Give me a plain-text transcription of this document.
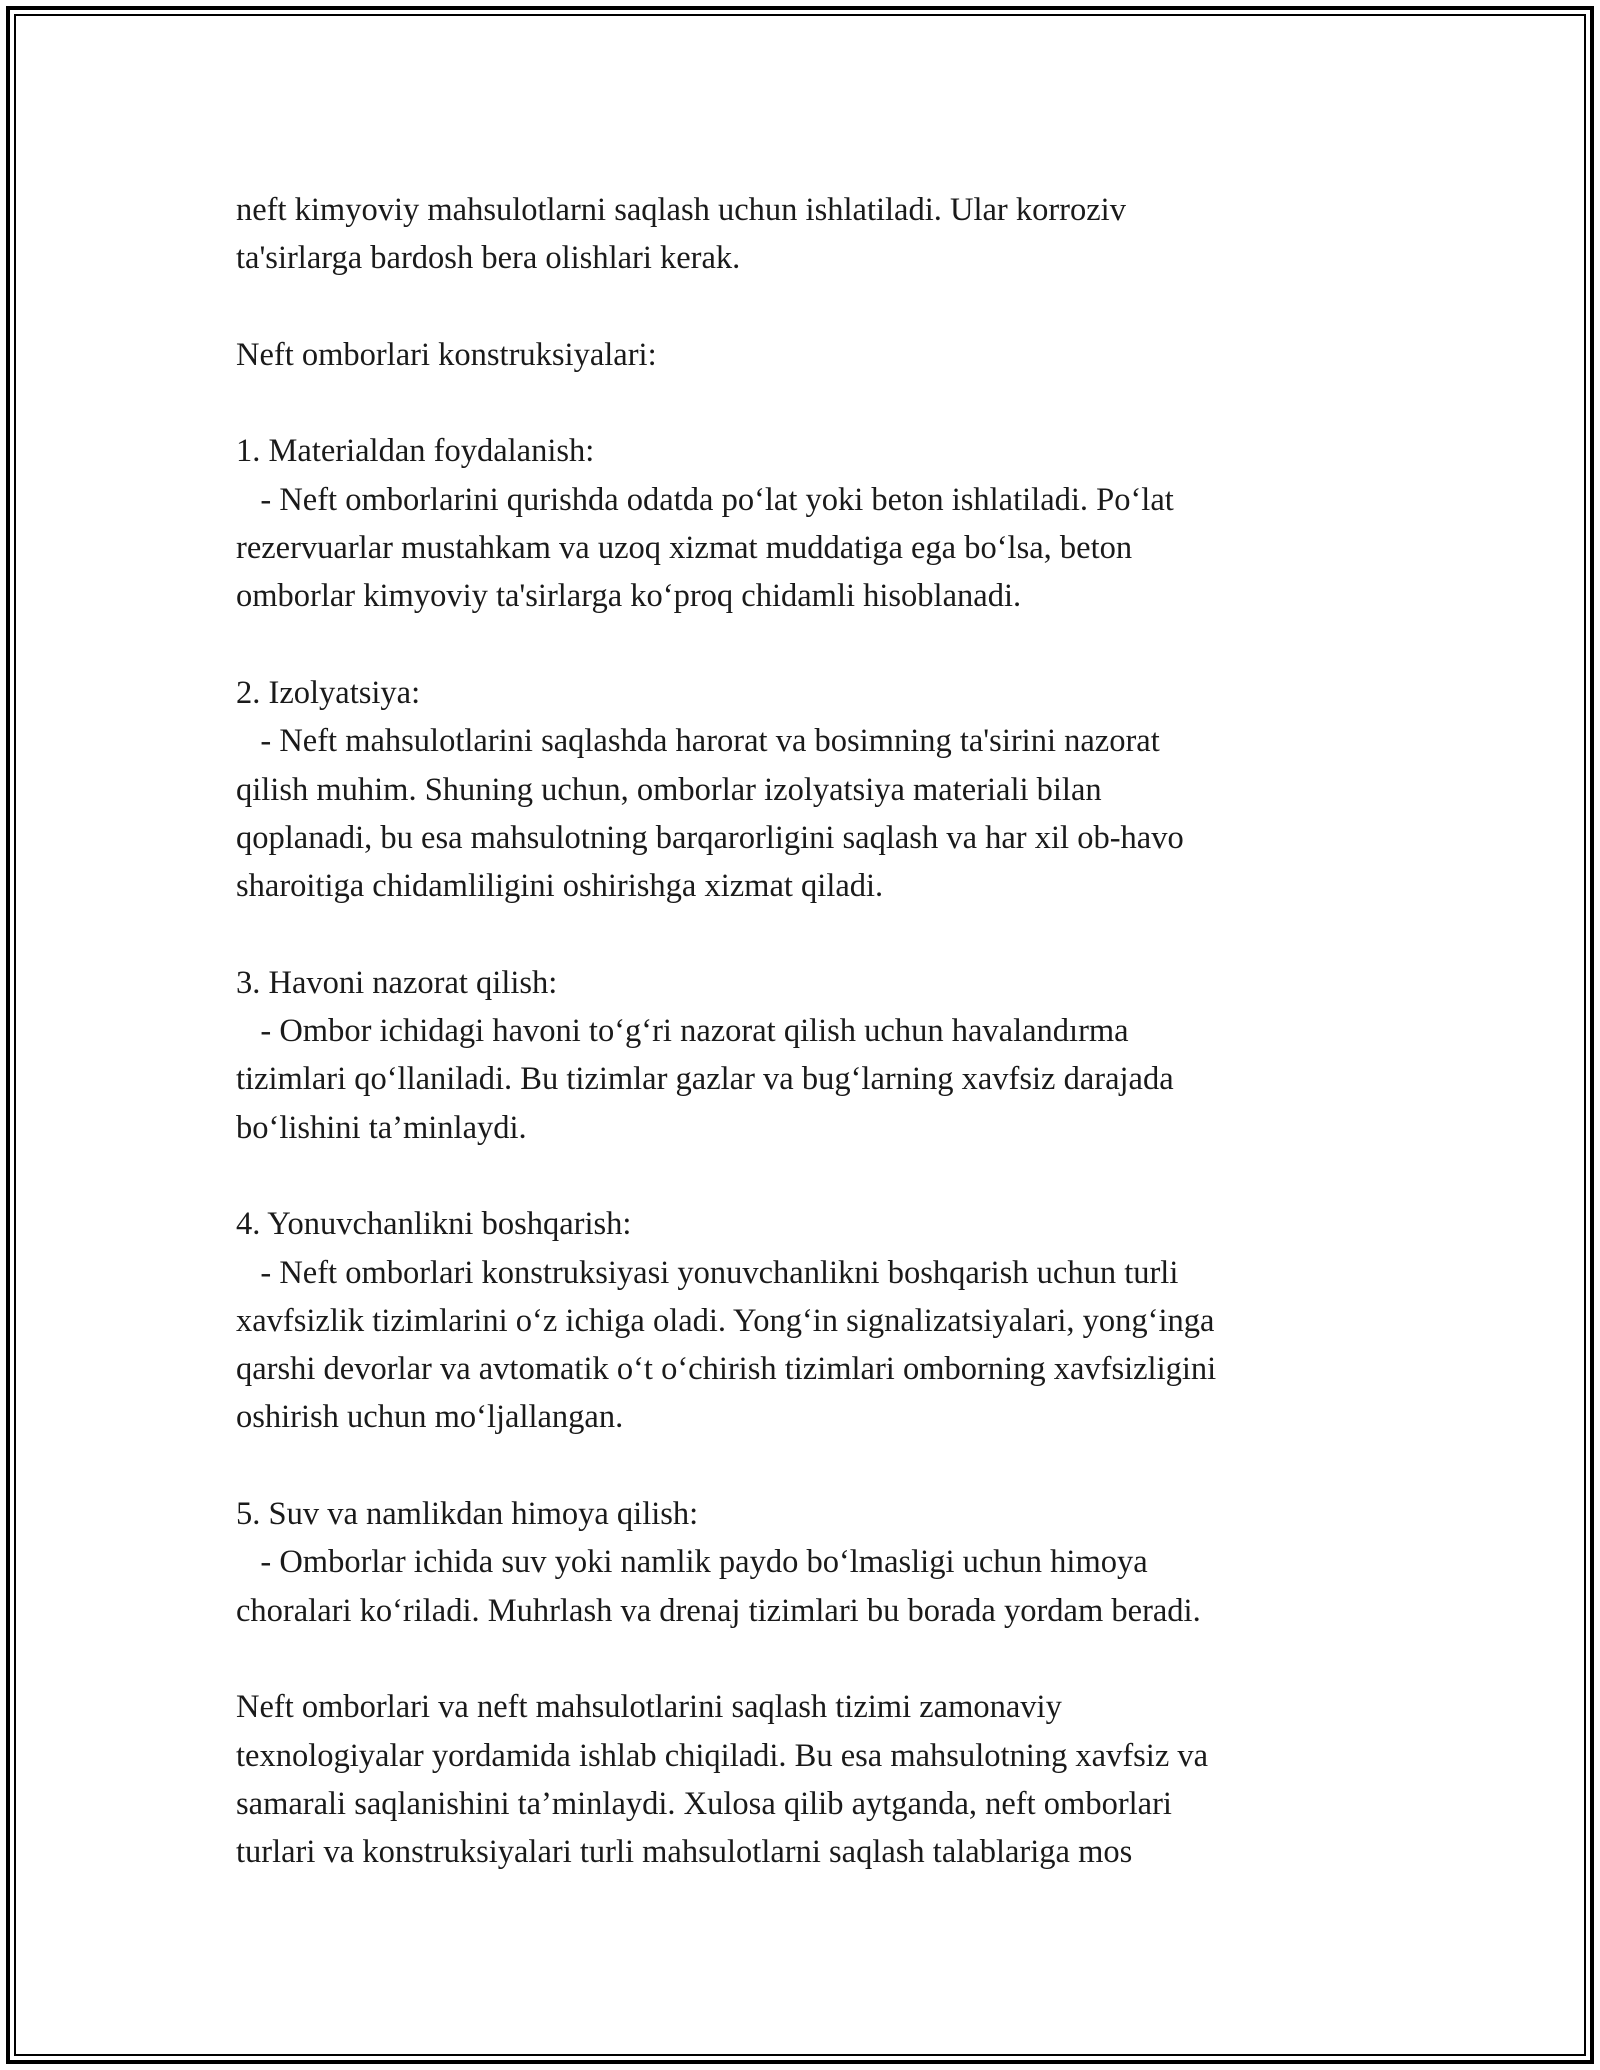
neft kimyoviy mahsulotlarni saqlash uchun ishlatiladi. Ular korroziv
ta'sirlarga bardosh bera olishlari kerak.

Neft omborlari konstruksiyalari:

1. Materialdan foydalanish:
- Neft omborlarini qurishda odatda po‘lat yoki beton ishlatiladi. Po‘lat
rezervuarlar mustahkam va uzoq xizmat muddatiga ega bo‘lsa, beton
omborlar kimyoviy ta'sirlarga ko‘proq chidamli hisoblanadi.

2. Izolyatsiya:
- Neft mahsulotlarini saqlashda harorat va bosimning ta'sirini nazorat
qilish muhim. Shuning uchun, omborlar izolyatsiya materiali bilan
qoplanadi, bu esa mahsulotning barqarorligini saqlash va har xil ob-havo
sharoitiga chidamliligini oshirishga xizmat qiladi.

3. Havoni nazorat qilish:
- Ombor ichidagi havoni to‘g‘ri nazorat qilish uchun havalandırma
tizimlari qo‘llaniladi. Bu tizimlar gazlar va bug‘larning xavfsiz darajada
bo‘lishini ta’minlaydi.

4. Yonuvchanlikni boshqarish:
- Neft omborlari konstruksiyasi yonuvchanlikni boshqarish uchun turli
xavfsizlik tizimlarini o‘z ichiga oladi. Yong‘in signalizatsiyalari, yong‘inga
qarshi devorlar va avtomatik o‘t o‘chirish tizimlari omborning xavfsizligini
oshirish uchun mo‘ljallangan.

5. Suv va namlikdan himoya qilish:
- Omborlar ichida suv yoki namlik paydo bo‘lmasligi uchun himoya
choralari ko‘riladi. Muhrlash va drenaj tizimlari bu borada yordam beradi.

Neft omborlari va neft mahsulotlarini saqlash tizimi zamonaviy
texnologiyalar yordamida ishlab chiqiladi. Bu esa mahsulotning xavfsiz va
samarali saqlanishini ta’minlaydi. Xulosa qilib aytganda, neft omborlari
turlari va konstruksiyalari turli mahsulotlarni saqlash talablariga mos
